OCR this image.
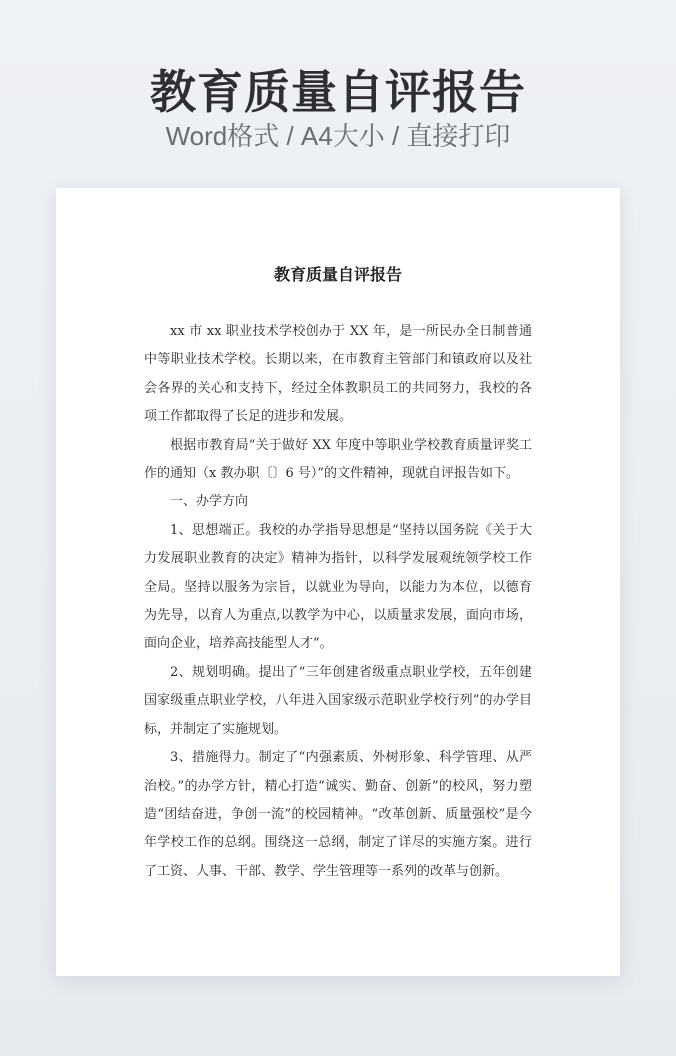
教育质量自评报告
Word格式 / A4大小 / 直接打印
教育质量自评报告

xx 市 xx 职业技术学校创办于 XX 年，是一所民办全日制普通中等职业技术学校。长期以来，在市教育主管部门和镇政府以及社会各界的关心和支持下，经过全体教职员工的共同努力，我校的各项工作都取得了长足的进步和发展。

根据市教育局“关于做好 XX 年度中等职业学校教育质量评奖工作的通知（x 教办职〔〕6 号）”的文件精神，现就自评报告如下。

一、办学方向

1、思想端正。我校的办学指导思想是“坚持以国务院《关于大力发展职业教育的决定》精神为指针，以科学发展观统领学校工作全局。坚持以服务为宗旨，以就业为导向，以能力为本位，以德育为先导，以育人为重点,以教学为中心，以质量求发展，面向市场，面向企业，培养高技能型人才”。

2、规划明确。提出了“三年创建省级重点职业学校，五年创建国家级重点职业学校，八年进入国家级示范职业学校行列”的办学目标，并制定了实施规划。

3、措施得力。制定了“内强素质、外树形象、科学管理、从严治校。”的办学方针，精心打造“诚实、勤奋、创新”的校风，努力塑造“团结奋进，争创一流”的校园精神。“改革创新、质量强校”是今年学校工作的总纲。围绕这一总纲，制定了详尽的实施方案。进行了工资、人事、干部、教学、学生管理等一系列的改革与创新。
